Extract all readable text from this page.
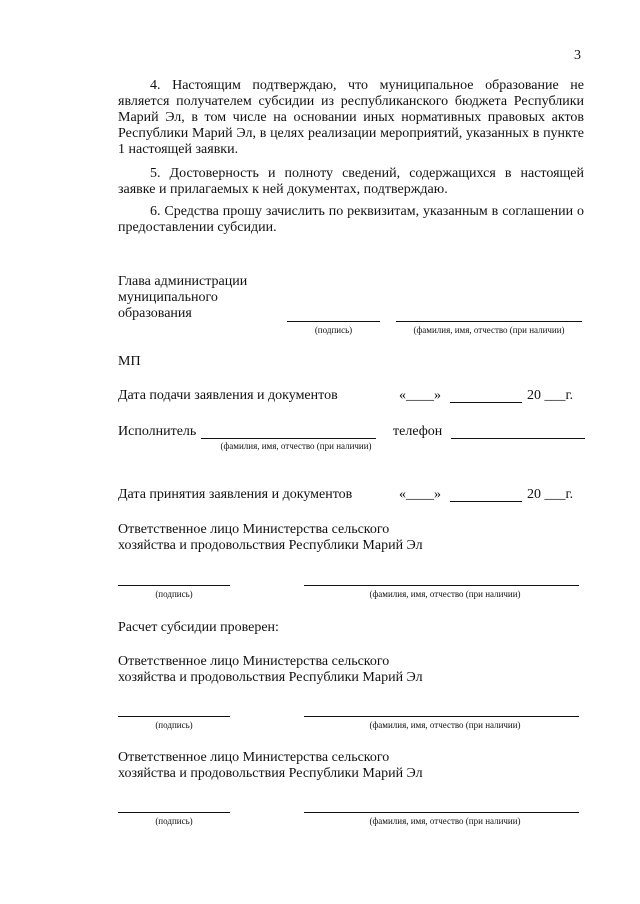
3
4. Настоящим подтверждаю, что муниципальное образование не является получателем субсидии из республиканского бюджета Республики Марий Эл, в том числе на основании иных нормативных правовых актов Республики Марий Эл, в целях реализации мероприятий, указанных в пункте 1 настоящей заявки.
5. Достоверность и полноту сведений, содержащихся в настоящей заявке и прилагаемых к ней документах, подтверждаю.
6. Средства прошу зачислить по реквизитам, указанным в соглашении о предоставлении субсидии.
Глава администрации
муниципального
образования
(подпись)	(фамилия, имя, отчество (при наличии)
МП
Дата подачи заявления и документов	«____»	20 ___г.
Исполнитель
(фамилия, имя, отчество (при наличии)
телефон
Дата принятия заявления и документов	«____»	20 ___г.
Ответственное лицо Министерства сельского
хозяйства и продовольствия Республики Марий Эл
(подпись)	(фамилия, имя, отчество (при наличии)
Расчет субсидии проверен:
Ответственное лицо Министерства сельского
хозяйства и продовольствия Республики Марий Эл
(подпись)	(фамилия, имя, отчество (при наличии)
Ответственное лицо Министерства сельского
хозяйства и продовольствия Республики Марий Эл
(подпись)	(фамилия, имя, отчество (при наличии)
